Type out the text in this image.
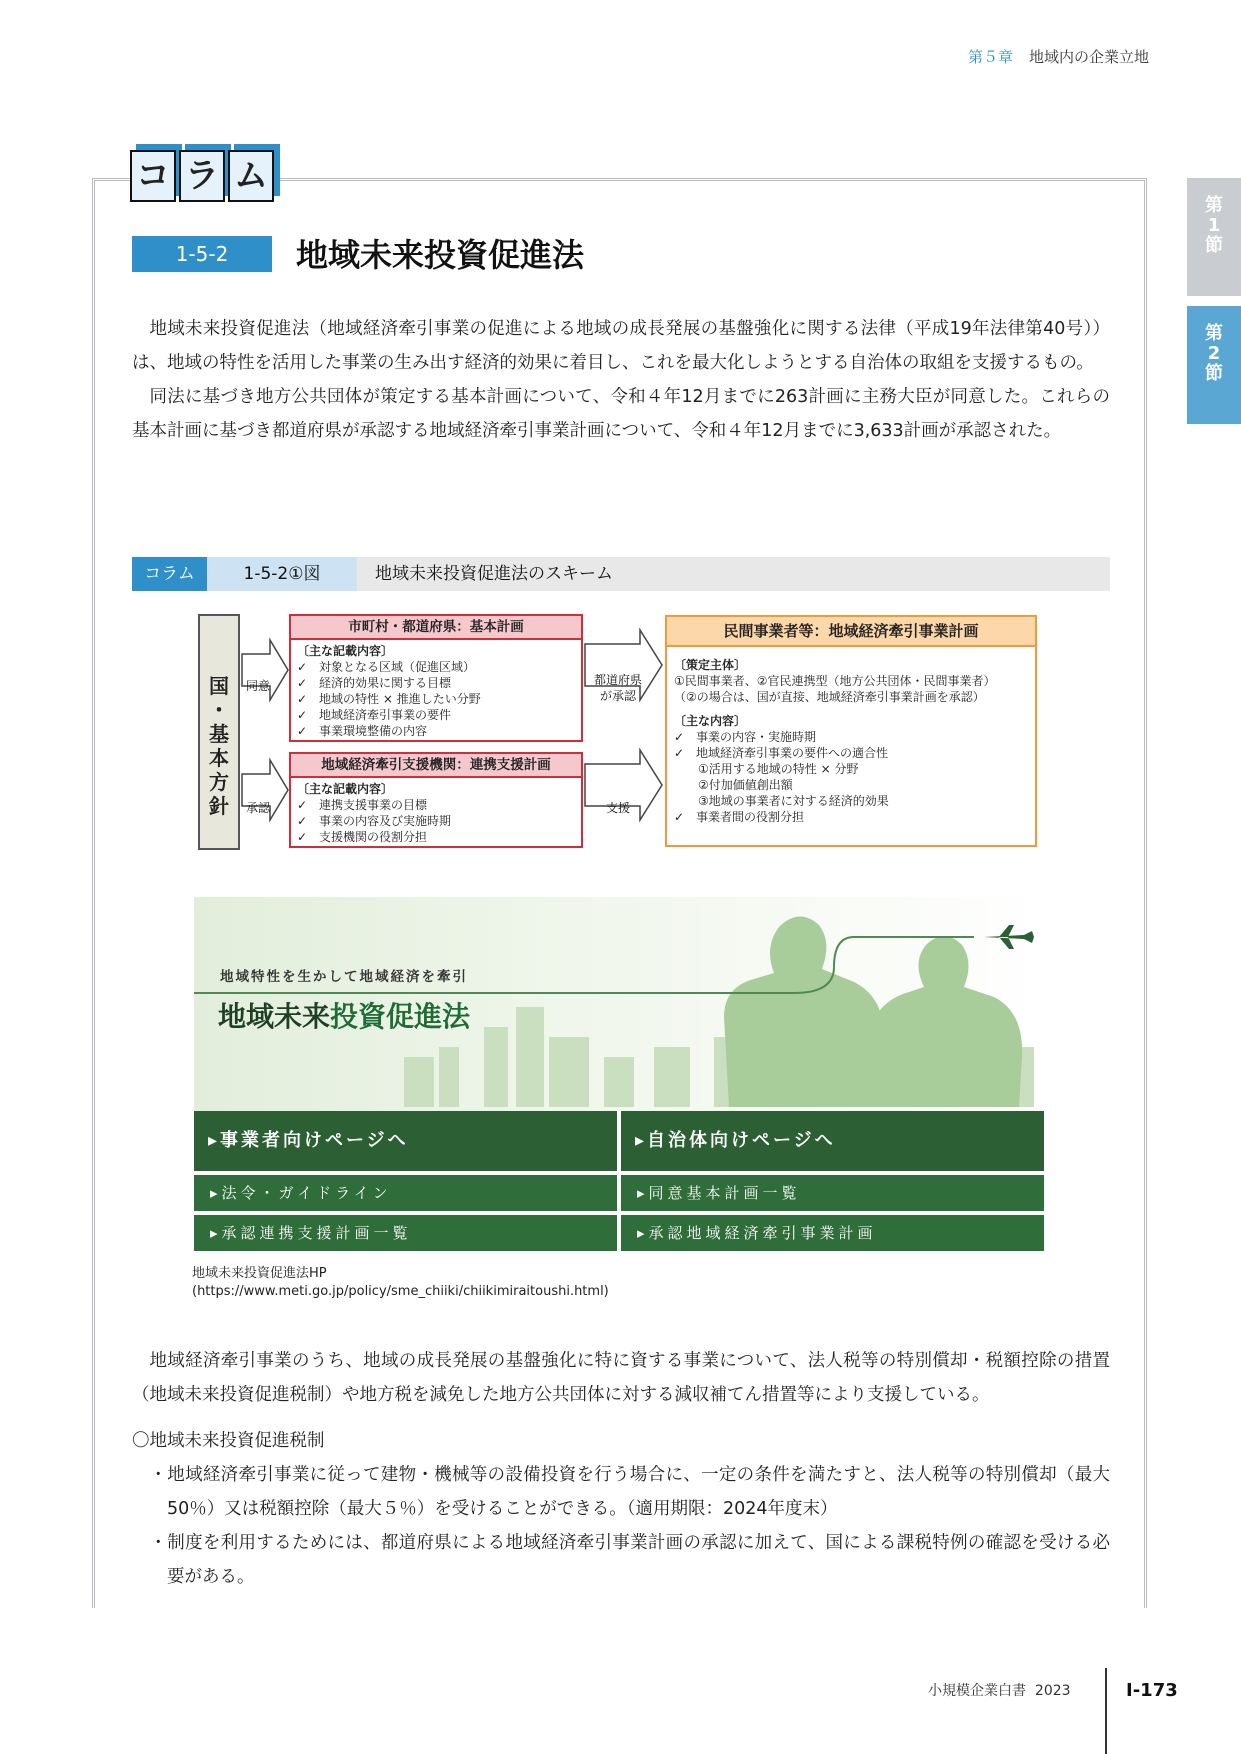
第５章 地域内の企業立地
第
1
節
第
2
節
コ ラ ム
1-5-2	地域未来投資促進法

地域未来投資促進法（地域経済牽引事業の促進による地域の成長発展の基盤強化に関する法律（平成19年法律第40号））は、地域の特性を活用した事業の生み出す経済的効果に着目し、これを最大化しようとする自治体の取組を支援するもの。

同法に基づき地方公共団体が策定する基本計画について、令和４年12月までに263計画に主務大臣が同意した。これらの基本計画に基づき都道府県が承認する地域経済牽引事業計画について、令和４年12月までに3,633計画が承認された。

コラム	1-5-2①図	地域未来投資促進法のスキーム
国
・
基
本
方
針
同意
承認
都道府県
が承認
支援
市町村・都道府県：基本計画
〔主な記載内容〕
✓　対象となる区域（促進区域）
✓　経済的効果に関する目標
✓　地域の特性 × 推進したい分野
✓　地域経済牽引事業の要件
✓　事業環境整備の内容
地域経済牽引支援機関：連携支援計画
〔主な記載内容〕
✓　連携支援事業の目標
✓　事業の内容及び実施時期
✓　支援機関の役割分担
民間事業者等：地域経済牽引事業計画
〔策定主体〕
①民間事業者、②官民連携型（地方公共団体・民間事業者）
（②の場合は、国が直接、地域経済牽引事業計画を承認）
〔主な内容〕
✓　事業の内容・実施時期
✓　地域経済牽引事業の要件への適合性
　　①活用する地域の特性 × 分野
　　②付加価値創出額
　　③地域の事業者に対する経済的効果
✓　事業者間の役割分担
地域特性を生かして地域経済を牽引
地域未来投資促進法
▸事業者向けページへ	▸自治体向けページへ
▸法令・ガイドライン	▸同意基本計画一覧
▸承認連携支援計画一覧	▸承認地域経済牽引事業計画
地域未来投資促進法HP
(https://www.meti.go.jp/policy/sme_chiiki/chiikimiraitoushi.html)

地域経済牽引事業のうち、地域の成長発展の基盤強化に特に資する事業について、法人税等の特別償却・税額控除の措置（地域未来投資促進税制）や地方税を減免した地方公共団体に対する減収補てん措置等により支援している。

〇地域未来投資促進税制
・地域経済牽引事業に従って建物・機械等の設備投資を行う場合に、一定の条件を満たすと、法人税等の特別償却（最大50％）又は税額控除（最大５％）を受けることができる。（適用期限：2024年度末）
・制度を利用するためには、都道府県による地域経済牽引事業計画の承認に加えて、国による課税特例の確認を受ける必要がある。
小規模企業白書 2023	Ⅰ-173
